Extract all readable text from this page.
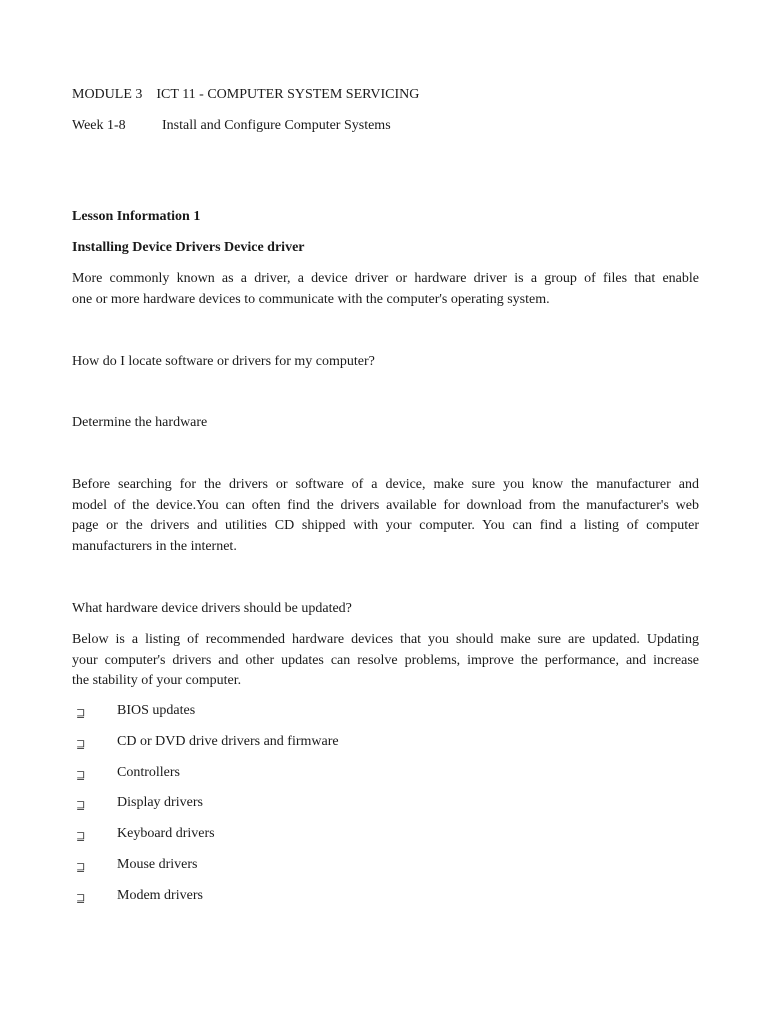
MODULE 3 ICT 11 - COMPUTER SYSTEM SERVICING
Week 1-8	Install and Configure Computer Systems
Lesson Information 1
Installing Device Drivers Device driver
More commonly known as a driver, a device driver or hardware driver is a group of files that enable
one or more hardware devices to communicate with the computer's operating system.
How do I locate software or drivers for my computer?
Determine the hardware
Before searching for the drivers or software of a device, make sure you know the manufacturer and
model of the device.You can often find the drivers available for download from the manufacturer's web
page or the drivers and utilities CD shipped with your computer. You can find a listing of computer
manufacturers in the internet.
What hardware device drivers should be updated?
Below is a listing of recommended hardware devices that you should make sure are updated. Updating
your computer's drivers and other updates can resolve problems, improve the performance, and increase
the stability of your computer.
⊒ BIOS updates
⊒ CD or DVD drive drivers and firmware
⊒ Controllers
⊒ Display drivers
⊒ Keyboard drivers
⊒ Mouse drivers
⊒ Modem drivers
